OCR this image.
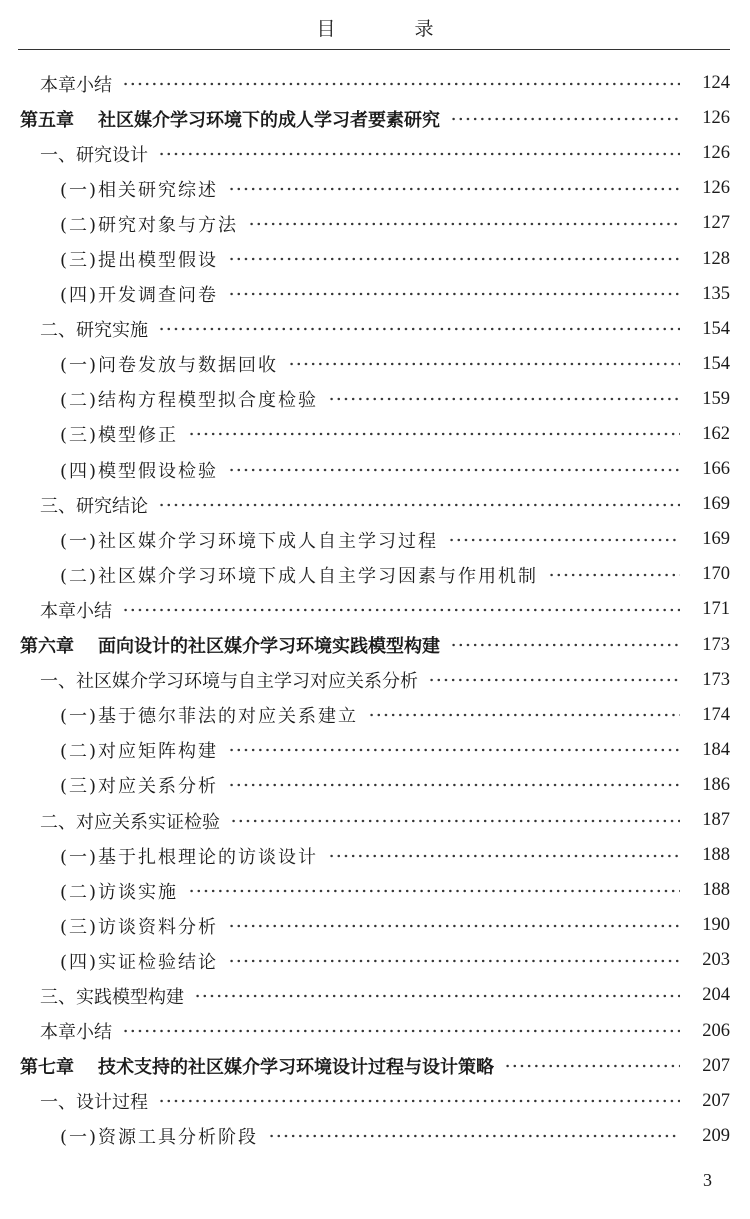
目　录
本章小结	124
第五章 社区媒介学习环境下的成人学习者要素研究	126
一、研究设计	126
(一)相关研究综述	126
(二)研究对象与方法	127
(三)提出模型假设	128
(四)开发调查问卷	135
二、研究实施	154
(一)问卷发放与数据回收	154
(二)结构方程模型拟合度检验	159
(三)模型修正	162
(四)模型假设检验	166
三、研究结论	169
(一)社区媒介学习环境下成人自主学习过程	169
(二)社区媒介学习环境下成人自主学习因素与作用机制	170
本章小结	171
第六章 面向设计的社区媒介学习环境实践模型构建	173
一、社区媒介学习环境与自主学习对应关系分析	173
(一)基于德尔菲法的对应关系建立	174
(二)对应矩阵构建	184
(三)对应关系分析	186
二、对应关系实证检验	187
(一)基于扎根理论的访谈设计	188
(二)访谈实施	188
(三)访谈资料分析	190
(四)实证检验结论	203
三、实践模型构建	204
本章小结	206
第七章 技术支持的社区媒介学习环境设计过程与设计策略	207
一、设计过程	207
(一)资源工具分析阶段	209
3
